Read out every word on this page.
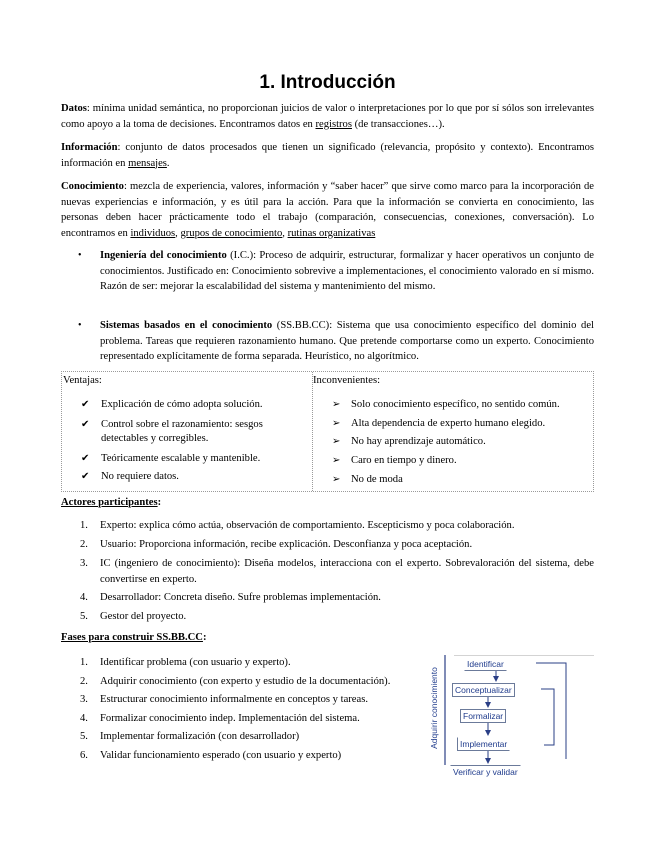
1. Introducción

Datos: mínima unidad semántica, no proporcionan juicios de valor o interpretaciones por lo que por sí sólos son irrelevantes como apoyo a la toma de decisiones. Encontramos datos en registros (de transacciones…).

Información: conjunto de datos procesados que tienen un significado (relevancia, propósito y contexto). Encontramos información en mensajes.

Conocimiento: mezcla de experiencia, valores, información y “saber hacer” que sirve como marco para la incorporación de nuevas experiencias e información, y es útil para la acción. Para que la información se convierta en conocimiento, las personas deben hacer prácticamente todo el trabajo (comparación, consecuencias, conexiones, conversación). Lo encontramos en individuos, grupos de conocimiento, rutinas organizativas

• Ingeniería del conocimiento (I.C.): Proceso de adquirir, estructurar, formalizar y hacer operativos un conjunto de conocimientos. Justificado en: Conocimiento sobrevive a implementaciones, el conocimiento valorado en sí mismo. Razón de ser: mejorar la escalabilidad del sistema y mantenimiento del mismo.

• Sistemas basados en el conocimiento (SS.BB.CC): Sistema que usa conocimiento específico del dominio del problema. Tareas que requieren razonamiento humano. Que pretende comportarse como un experto. Conocimiento representado explícitamente de forma separada. Heurístico, no algorítmico.

Ventajas:
✔ Explicación de cómo adopta solución.
✔ Control sobre el razonamiento: sesgos
detectables y corregibles.
✔ Teóricamente escalable y mantenible.
✔ No requiere datos.
Inconvenientes:
➢ Solo conocimiento específico, no sentido común.
➢ Alta dependencia de experto humano elegido.
➢ No hay aprendizaje automático.
➢ Caro en tiempo y dinero.
➢ No de moda
Actores participantes:
1. Experto: explica cómo actúa, observación de comportamiento. Escepticismo y poca colaboración.

2. Usuario: Proporciona información, recibe explicación. Desconfianza y poca aceptación.

3. IC (ingeniero de conocimiento): Diseña modelos, interacciona con el experto. Sobrevaloración del sistema, debe convertirse en experto.

4. Desarrollador: Concreta diseño. Sufre problemas implementación.

5. Gestor del proyecto.

Fases para construir SS.BB.CC:
1. Identificar problema (con usuario y experto).

2. Adquirir conocimiento (con experto y estudio de la documentación).

3. Estructurar conocimiento informalmente en conceptos y tareas.

4. Formalizar conocimiento indep. Implementación del sistema.

5. Implementar formalización (con desarrollador)

6. Validar funcionamiento esperado (con usuario y experto)

Adquirir conocimiento
Identificar
Conceptualizar
Formalizar
Implementar
Verificar y validar
